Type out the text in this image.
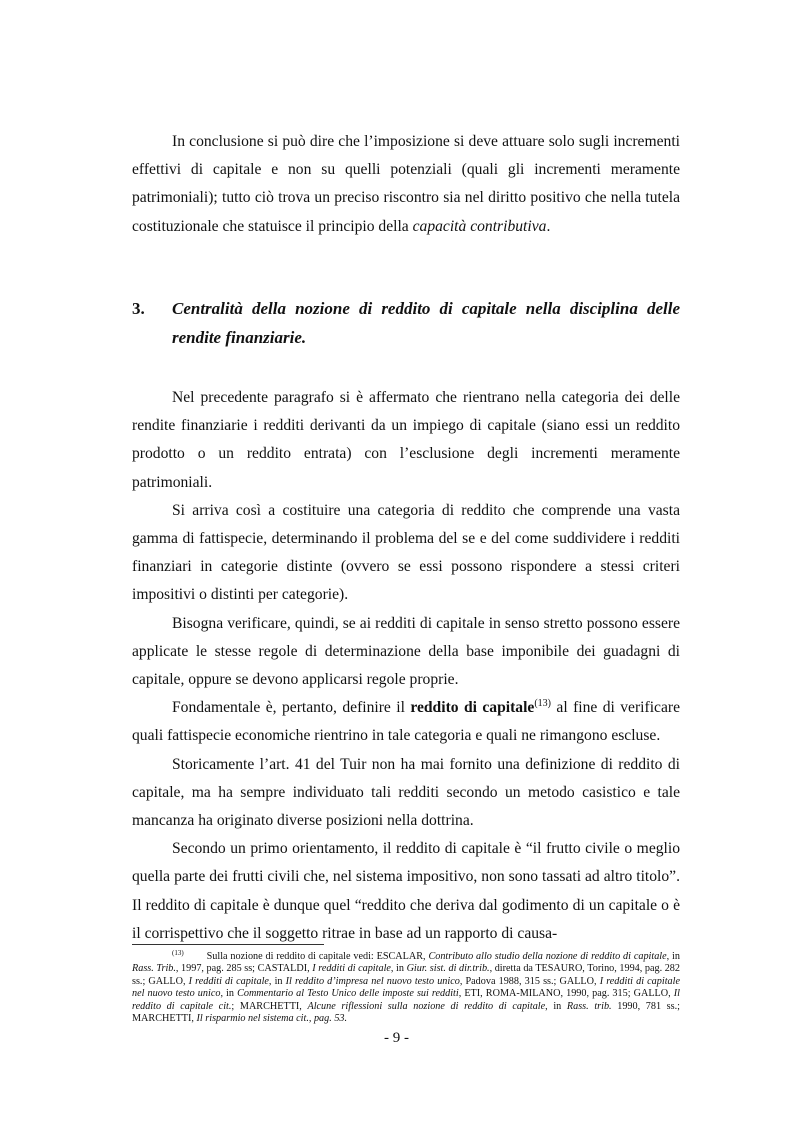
In conclusione si può dire che l’imposizione si deve attuare solo sugli incrementi effettivi di capitale e non su quelli potenziali (quali gli incrementi meramente patrimoniali); tutto ciò trova un preciso riscontro sia nel diritto positivo che nella tutela costituzionale che statuisce il principio della capacità contributiva.

3. Centralità della nozione di reddito di capitale nella disciplina delle rendite finanziarie.

Nel precedente paragrafo si è affermato che rientrano nella categoria dei delle rendite finanziarie i redditi derivanti da un impiego di capitale (siano essi un reddito prodotto o un reddito entrata) con l’esclusione degli incrementi meramente patrimoniali.

Si arriva così a costituire una categoria di reddito che comprende una vasta gamma di fattispecie, determinando il problema del se e del come suddividere i redditi finanziari in categorie distinte (ovvero se essi possono rispondere a stessi criteri impositivi o distinti per categorie).

Bisogna verificare, quindi, se ai redditi di capitale in senso stretto possono essere applicate le stesse regole di determinazione della base imponibile dei guadagni di capitale, oppure se devono applicarsi regole proprie.

Fondamentale è, pertanto, definire il reddito di capitale$^{(13)}$ al fine di verificare quali fattispecie economiche rientrino in tale categoria e quali ne rimangono escluse.

Storicamente l’art. 41 del Tuir non ha mai fornito una definizione di reddito di capitale, ma ha sempre individuato tali redditi secondo un metodo casistico e tale mancanza ha originato diverse posizioni nella dottrina.

Secondo un primo orientamento, il reddito di capitale è “il frutto civile o meglio quella parte dei frutti civili che, nel sistema impositivo, non sono tassati ad altro titolo”. Il reddito di capitale è dunque quel “reddito che deriva dal godimento di un capitale o è il corrispettivo che il soggetto ritrae in base ad un rapporto di causa-

$^{(13)}$ Sulla nozione di reddito di capitale vedi: ESCALAR, Contributo allo studio della nozione di reddito di capitale, in Rass. Trib., 1997, pag. 285 ss; CASTALDI, I redditi di capitale, in Giur. sist. di dir.trib., diretta da TESAURO, Torino, 1994, pag. 282 ss.; GALLO, I redditi di capitale, in Il reddito d’impresa nel nuovo testo unico, Padova 1988, 315 ss.; GALLO, I redditi di capitale nel nuovo testo unico, in Commentario al Testo Unico delle imposte sui redditi, ETI, ROMA-MILANO, 1990, pag. 315; GALLO, Il reddito di capitale cit.; MARCHETTI, Alcune riflessioni sulla nozione di reddito di capitale, in Rass. trib. 1990, 781 ss.; MARCHETTI, Il risparmio nel sistema cit., pag. 53.
- 9 -
